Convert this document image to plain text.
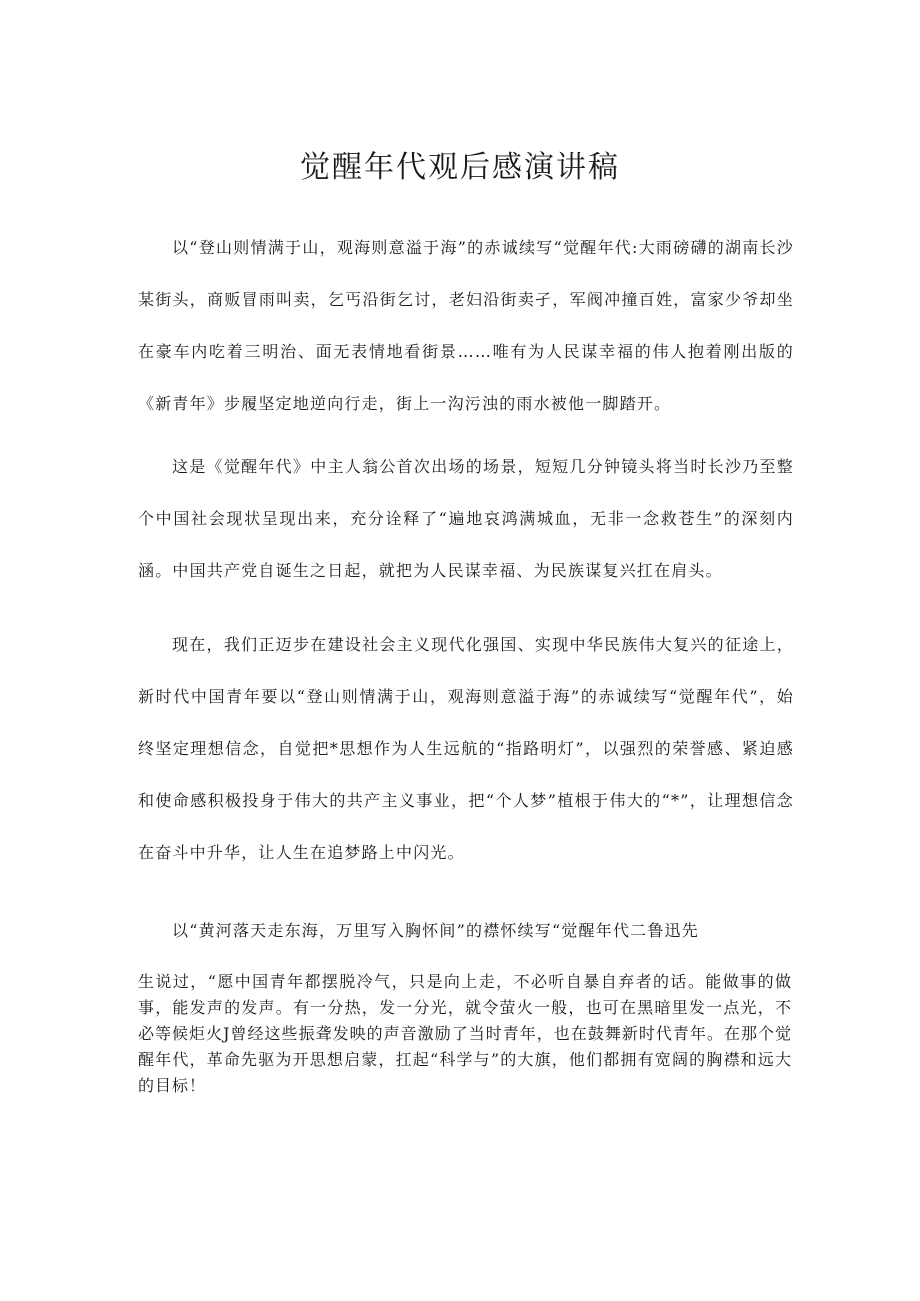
觉醒年代观后感演讲稿

以“登山则情满于山，观海则意溢于海”的赤诚续写“觉醒年代:大雨磅礴的湖南长沙某街头，商贩冒雨叫卖，乞丐沿街乞讨，老妇沿街卖孑，军阀冲撞百姓，富家少爷却坐在豪车内吃着三明治、面无表情地看街景……唯有为人民谋幸福的伟人抱着刚出版的《新青年》步履坚定地逆向行走，街上一沟污浊的雨水被他一脚踏开。

这是《觉醒年代》中主人翁公首次出场的场景，短短几分钟镜头将当时长沙乃至整个中国社会现状呈现出来，充分诠释了“遍地哀鸿满城血，无非一念救苍生”的深刻内涵。中国共产党自诞生之日起，就把为人民谋幸福、为民族谋复兴扛在肩头。

现在，我们正迈步在建设社会主义现代化强国、实现中华民族伟大复兴的征途上，新时代中国青年要以“登山则情满于山，观海则意溢于海”的赤诚续写“觉醒年代”，始终坚定理想信念，自觉把*思想作为人生远航的“指路明灯”，以强烈的荣誉感、紧迫感和使命感积极投身于伟大的共产主义事业，把“个人梦”植根于伟大的“*”，让理想信念在奋斗中升华，让人生在追梦路上中闪光。

以“黄河落天走东海，万里写入胸怀间”的襟怀续写“觉醒年代二鲁迅先

生说过，“愿中国青年都摆脱冷气，只是向上走，不必听自暴自弃者的话。能做事的做事，能发声的发声。有一分热，发一分光，就令萤火一般，也可在黑暗里发一点光，不必等候炬火J曾经这些振聋发映的声音激励了当时青年，也在鼓舞新时代青年。在那个觉醒年代，革命先驱为开思想启蒙，扛起“科学与”的大旗，他们都拥有宽阔的胸襟和远大的目标！
